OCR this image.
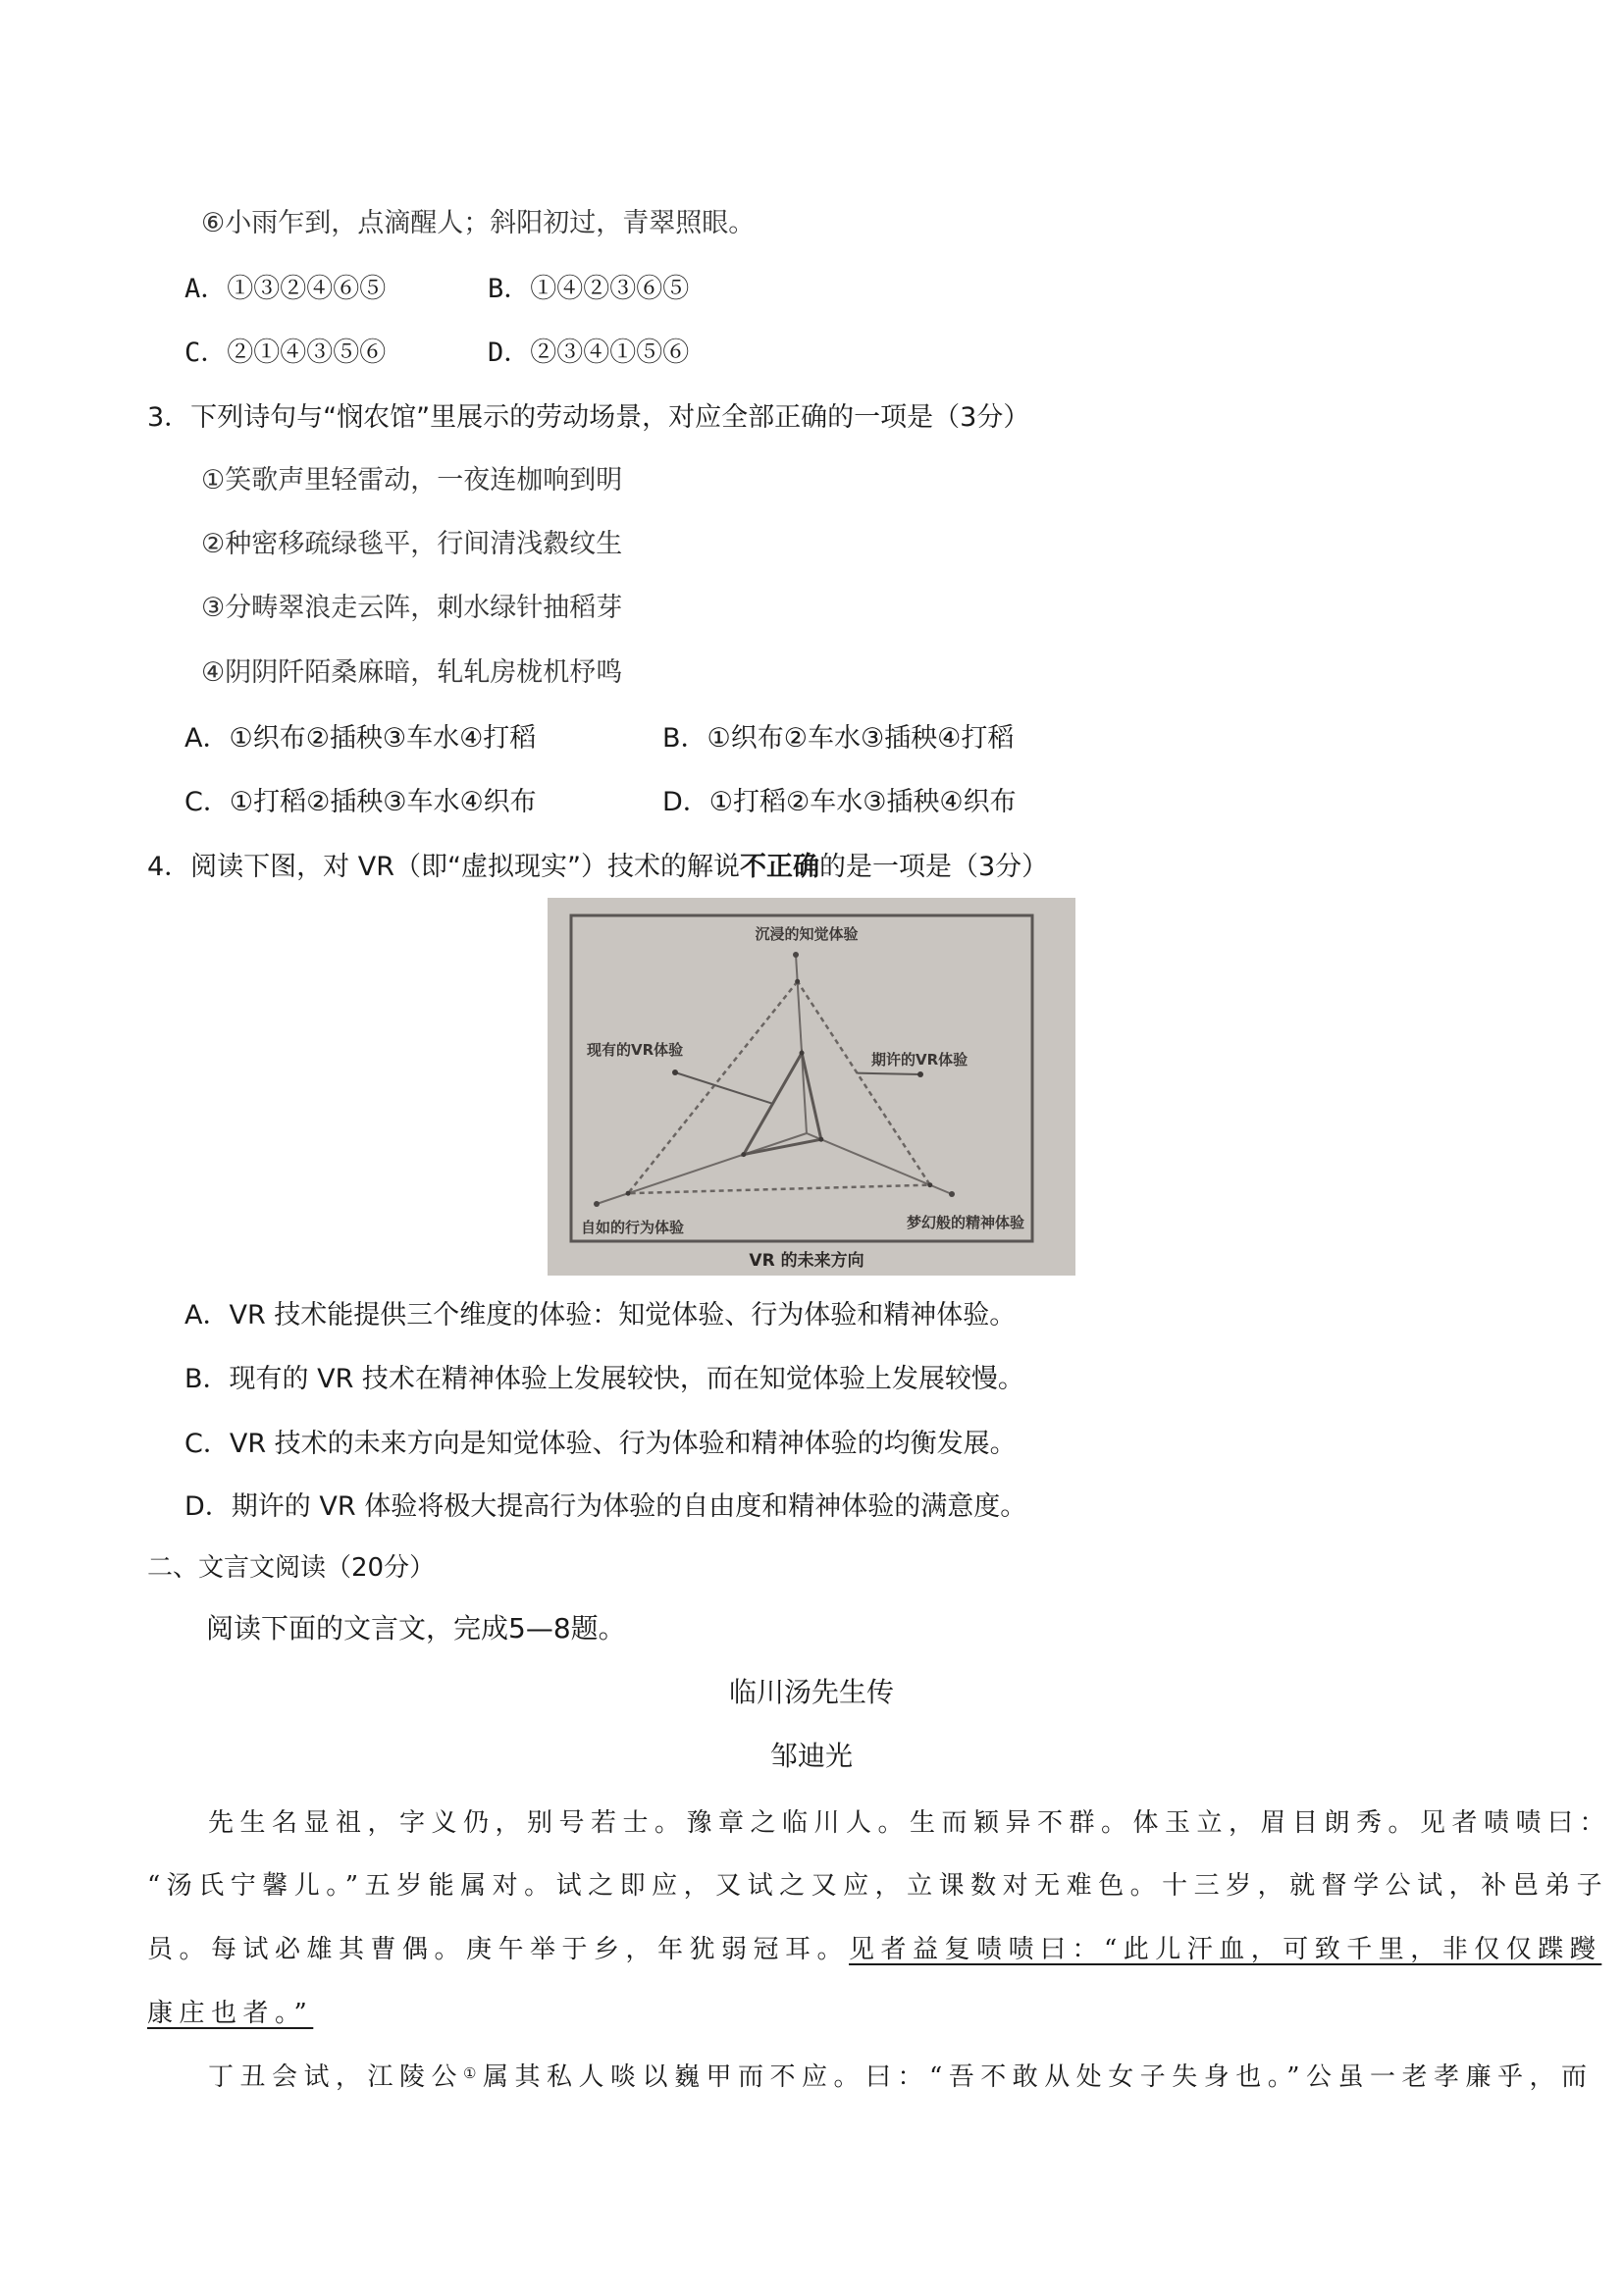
⑥小雨乍到，点滴醒人；斜阳初过，青翠照眼。
A．①③②④⑥⑤	B．①④②③⑥⑤
C．②①④③⑤⑥	D．②③④①⑤⑥
3．下列诗句与“悯农馆”里展示的劳动场景，对应全部正确的一项是（3分）
①笑歌声里轻雷动，一夜连枷响到明
②种密移疏绿毯平，行间清浅縠纹生
③分畴翠浪走云阵，刺水绿针抽稻芽
④阴阴阡陌桑麻暗，轧轧房栊机杼鸣
A．①织布②插秧③车水④打稻	B．①织布②车水③插秧④打稻
C．①打稻②插秧③车水④织布	D．①打稻②车水③插秧④织布
4．阅读下图，对 VR（即“虚拟现实”）技术的解说不正确的是一项是（3分）
沉浸的知觉体验
自如的行为体验	梦幻般的精神体验
现有的VR体验
期许的VR体验
VR 的未来方向
A．VR 技术能提供三个维度的体验：知觉体验、行为体验和精神体验。
B．现有的 VR 技术在精神体验上发展较快，而在知觉体验上发展较慢。
C．VR 技术的未来方向是知觉体验、行为体验和精神体验的均衡发展。
D．期许的 VR 体验将极大提高行为体验的自由度和精神体验的满意度。
二、文言文阅读（20分）
阅读下面的文言文，完成5—8题。
临川汤先生传
邹迪光
先生名显祖，字义仍，别号若士。豫章之临川人。生而颖异不群。体玉立，眉目朗秀。见者啧啧曰：
“汤氏宁馨儿。”五岁能属对。试之即应，又试之又应，立课数对无难色。十三岁，就督学公试，补邑弟子
员。每试必雄其曹偶。庚午举于乡，年犹弱冠耳。见者益复啧啧曰：“此儿汗血，可致千里，非仅仅蹀躞
康庄也者。”
丁丑会试，江陵公①属其私人啖以巍甲而不应。曰：“吾不敢从处女子失身也。”公虽一老孝廉乎，而
